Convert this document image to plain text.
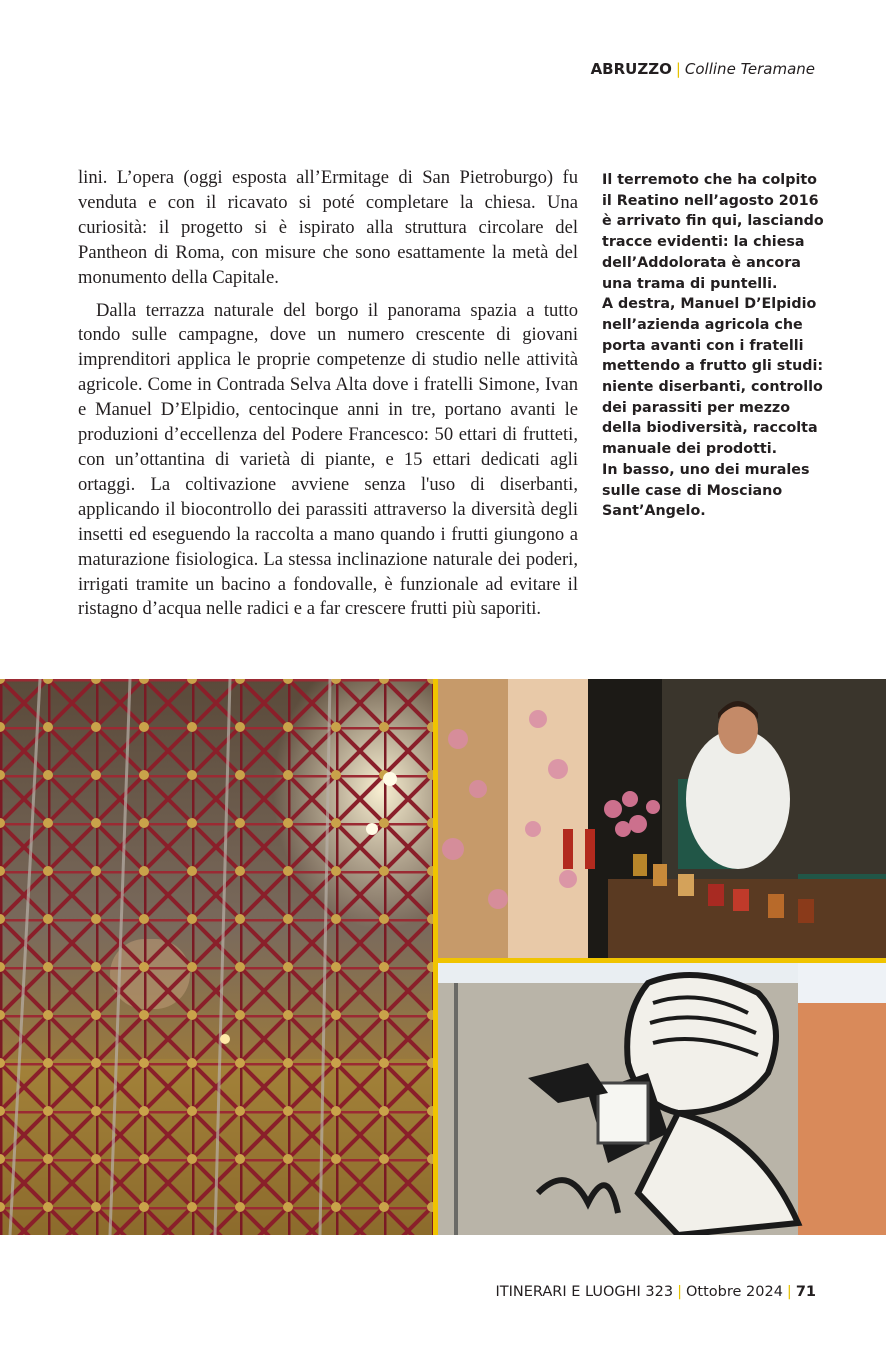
ABRUZZO | Colline Teramane

lini. L’opera (oggi esposta all’Ermitage di San Pietroburgo) fu venduta e con il ricavato si poté completare la chiesa. Una curiosità: il progetto si è ispirato alla struttura circolare del Pantheon di Roma, con misure che sono esattamente la metà del monumento della Capitale.

Dalla terrazza naturale del borgo il panorama spazia a tutto tondo sulle campagne, dove un numero crescente di giovani imprenditori applica le proprie competenze di studio nelle attività agricole. Come in Contrada Selva Alta dove i fratelli Simone, Ivan e Manuel D’Elpidio, centocinque anni in tre, portano avanti le produzioni d’eccellenza del Podere Francesco: 50 ettari di frutteti, con un’ottantina di varietà di piante, e 15 ettari dedicati agli ortaggi. La coltivazione avviene senza l'uso di diserbanti, applicando il biocontrollo dei parassiti attraverso la diversità degli insetti ed eseguendo la raccolta a mano quando i frutti giungono a maturazione fisiologica. La stessa inclinazione naturale dei poderi, irrigati tramite un bacino a fondovalle, è funzionale ad evitare il ristagno d’acqua nelle radici e a far crescere frutti più saporiti.

Il terremoto che ha colpito il Reatino nell’agosto 2016 è arrivato fin qui, lasciando tracce evidenti: la chiesa dell’Addolorata è ancora una trama di puntelli.
A destra, Manuel D’Elpidio nell’azienda agricola che porta avanti con i fratelli mettendo a frutto gli studi: niente diserbanti, controllo dei parassiti per mezzo della biodiversità, raccolta manuale dei prodotti.
In basso, uno dei murales sulle case di Mosciano Sant’Angelo.
ITINERARI E LUOGHI 323 | Ottobre 2024 | 71
